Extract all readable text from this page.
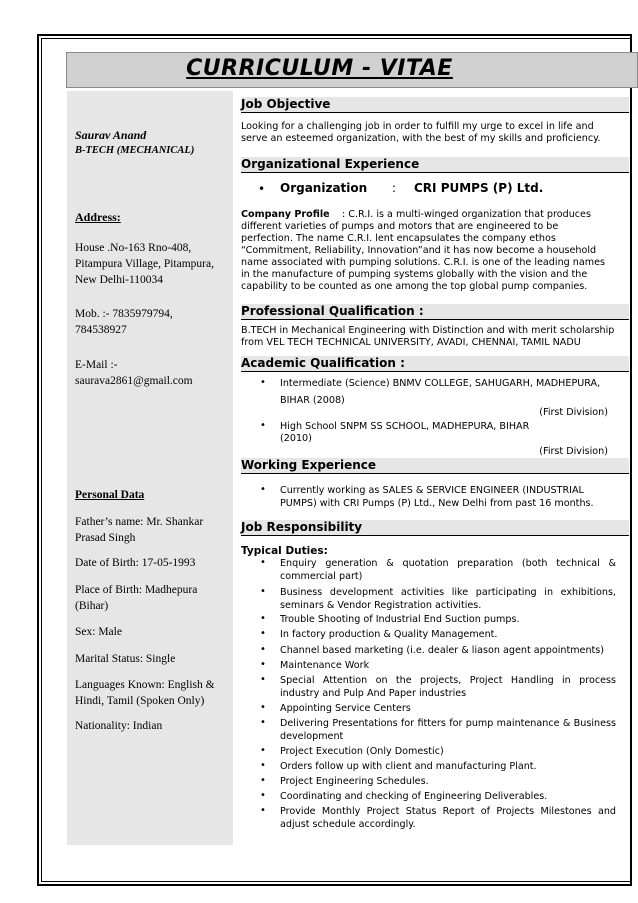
CURRICULUM - VITAE
Saurav Anand
B-TECH (MECHANICAL)
Address:
House .No-163 Rno-408,
Pitampura Village, Pitampura,
New Delhi-110034
Mob. :- 7835979794,
784538927
E-Mail :-
saurava2861@gmail.com
Personal Data
Father’s name: Mr. Shankar
Prasad Singh
Date of Birth: 17-05-1993
Place of Birth: Madhepura
(Bihar)
Sex: Male
Marital Status: Single
Languages Known: English &
Hindi, Tamil (Spoken Only)
Nationality: Indian
Job Objective
Looking for a challenging job in order to fulfill my urge to excel in life and
serve an esteemed organization, with the best of my skills and proficiency.
Organizational Experience
• Organization : CRI PUMPS (P) Ltd.
Company Profile : C.R.I. is a multi-winged organization that produces
different varieties of pumps and motors that are engineered to be
perfection. The name C.R.I. lent encapsulates the company ethos
“Commitment, Reliability, Innovation”and it has now become a household
name associated with pumping solutions. C.R.I. is one of the leading names
in the manufacture of pumping systems globally with the vision and the
capability to be counted as one among the top global pump companies.
Professional Qualification :
B.TECH in Mechanical Engineering with Distinction and with merit scholarship
from VEL TECH TECHNICAL UNIVERSITY, AVADI, CHENNAI, TAMIL NADU
Academic Qualification :
• Intermediate (Science) BNMV COLLEGE, SAHUGARH, MADHEPURA,
BIHAR (2008)
(First Division)
• High School SNPM SS SCHOOL, MADHEPURA, BIHAR
(2010)
(First Division)
Working Experience
• Currently working as SALES & SERVICE ENGINEER (INDUSTRIAL
PUMPS) with CRI Pumps (P) Ltd., New Delhi from past 16 months.
Job Responsibility
Typical Duties:
• Enquiry generation & quotation preparation (both technical &
commercial part)
• Business development activities like participating in exhibitions,
seminars & Vendor Registration activities.
• Trouble Shooting of Industrial End Suction pumps.
• In factory production & Quality Management.
• Channel based marketing (i.e. dealer & liason agent appointments)
• Maintenance Work
• Special Attention on the projects, Project Handling in process
industry and Pulp And Paper industries
• Appointing Service Centers
• Delivering Presentations for fitters for pump maintenance & Business
development
• Project Execution (Only Domestic)
• Orders follow up with client and manufacturing Plant.
• Project Engineering Schedules.
• Coordinating and checking of Engineering Deliverables.
• Provide Monthly Project Status Report of Projects Milestones and
adjust schedule accordingly.
